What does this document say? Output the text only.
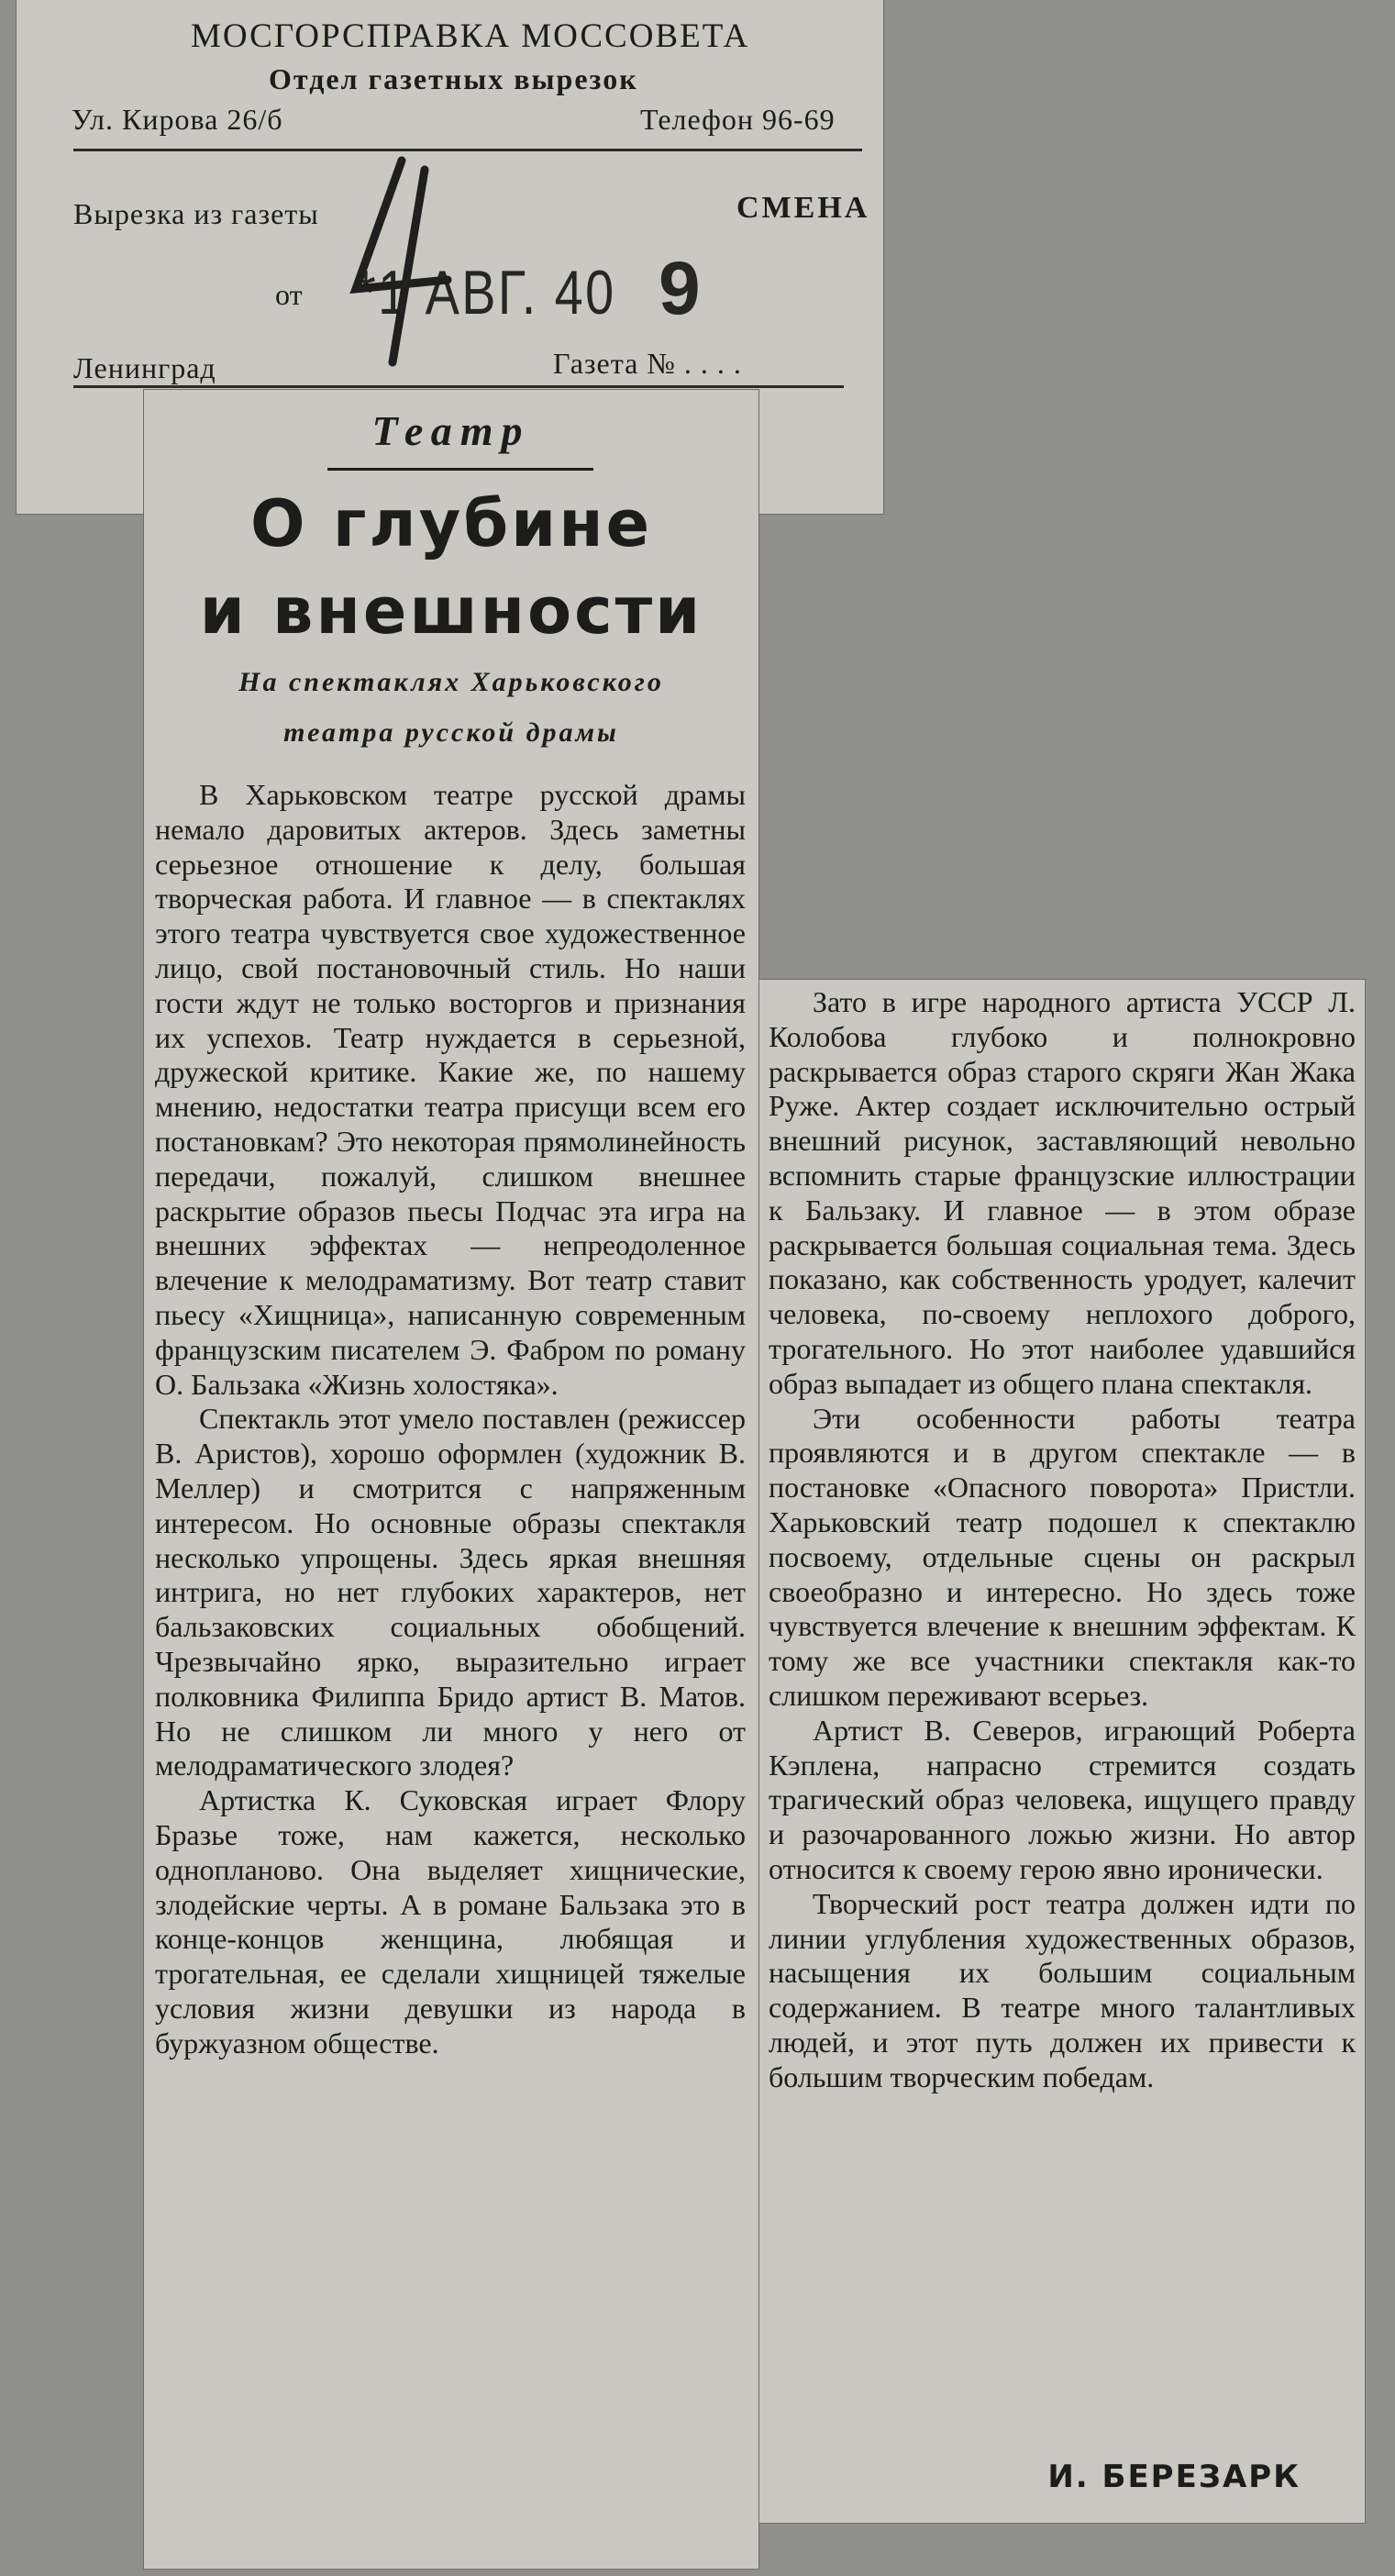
МОСГОРСПРАВКА МОССОВЕТА
Отдел газетных вырезок
Ул. Кирова 26/б	Телефон 96-69
Вырезка из газеты	СМЕНА
от *1 АВГ. 40 9
Ленинград	Газета № . . . .
Театр
О глубине
и внешности
На спектаклях Харьковского
театра русской драмы

В Харьковском театре русской драмы немало даровитых актеров. Здесь заметны серьезное отношение к делу, большая творческая работа. И главное — в спектаклях этого театра чувствуется свое художественное лицо, свой постановочный стиль. Но наши гости ждут не только восторгов и признания их успехов. Театр нуждается в серьезной, дружеской критике. Какие же, по нашему мнению, недостатки театра присущи всем его постановкам? Это некоторая прямолинейность передачи, пожалуй, слишком внешнее раскрытие образов пьесы Подчас эта игра на внешних эффектах — непреодоленное влечение к мелодраматизму. Вот театр ставит пьесу «Хищница», написанную современным французским писателем Э. Фабром по роману О. Бальзака «Жизнь холостяка».

Спектакль этот умело поставлен (режиссер В. Аристов), хорошо оформлен (художник В. Меллер) и смотрится с напряженным интересом. Но основные образы спектакля несколько упрощены. Здесь яркая внешняя интрига, но нет глубоких характеров, нет бальзаковских социальных обобщений. Чрезвычайно ярко, выразительно играет полковника Филиппа Бридо артист В. Матов. Но не слишком ли много у него от мелодраматического злодея?

Артистка К. Суковская играет Флору Бразье тоже, нам кажется, несколько одноплановo. Она выделяет хищнические, злодейские черты. А в романе Бальзака это в конце-концов женщина, любящая и трогательная, ее сделали хищницей тяжелые условия жизни девушки из народа в буржуазном обществе.

Зато в игре народного артиста УССР Л. Колобова глубоко и полнокровно раскрывается образ старого скряги Жан Жака Руже. Актер создает исключительно острый внешний рисунок, заставляющий невольно вспомнить старые французские иллюстрации к Бальзаку. И главное — в этом образе раскрывается большая социальная тема. Здесь показано, как собственность уродует, калечит человека, по-своему неплохого доброго, трогательного. Но этот наиболее удавшийся образ выпадает из общего плана спектакля.

Эти особенности работы театра проявляются и в другом спектакле — в постановке «Опасного поворота» Пристли. Харьковский театр подошел к спектаклю посвоему, отдельные сцены он раскрыл своеобразно и интересно. Но здесь тоже чувствуется влечение к внешним эффектам. К тому же все участники спектакля как-то слишком переживают всерьез.

Артист В. Северов, играющий Роберта Кэплена, напрасно стремится создать трагический образ человека, ищущего правду и разочарованного ложью жизни. Но автор относится к своему герою явно иронически.

Творческий рост театра должен идти по линии углубления художественных образов, насыщения их большим социальным содержанием. В театре много талантливых людей, и этот путь должен их привести к большим творческим победам.

И. БЕРЕЗАРК
